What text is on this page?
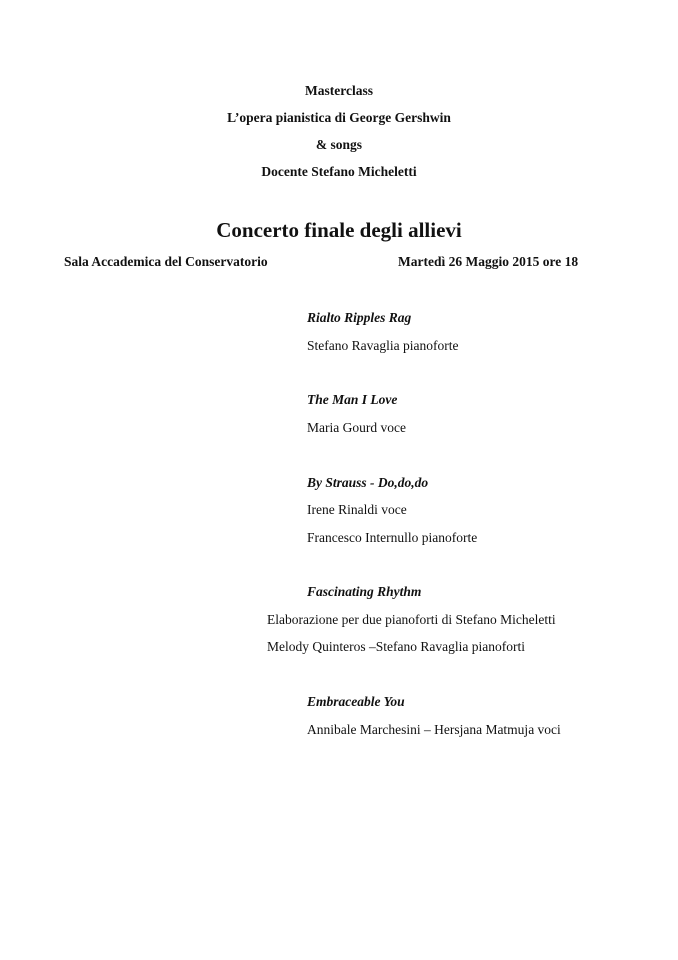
Masterclass

L’opera pianistica di George Gershwin

& songs

Docente Stefano Micheletti

Concerto finale degli allievi

Sala Accademica del Conservatorio	Martedì 26 Maggio 2015 ore 18

Rialto Ripples Rag

Stefano Ravaglia pianoforte

The Man I Love

Maria Gourd voce

By Strauss - Do,do,do

Irene Rinaldi voce

Francesco Internullo pianoforte

Fascinating Rhythm

Elaborazione per due pianoforti di Stefano Micheletti

Melody Quinteros –Stefano Ravaglia pianoforti

Embraceable You

Annibale Marchesini – Hersjana Matmuja voci
